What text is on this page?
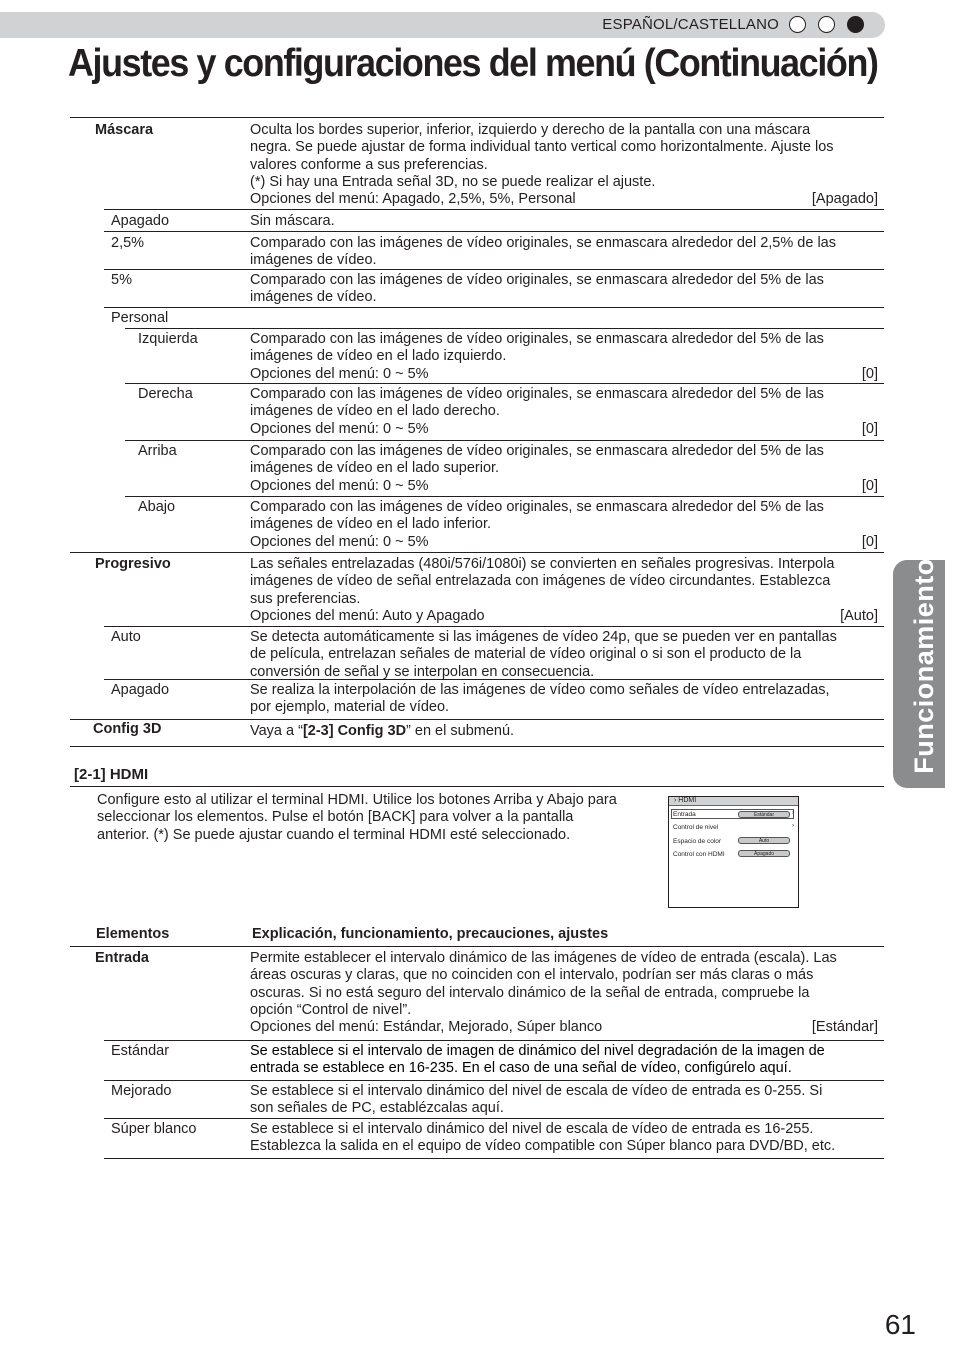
ESPAÑOL/CASTELLANO
Ajustes y configuraciones del menú (Continuación)
Máscara	Oculta los bordes superior, inferior, izquierdo y derecho de la pantalla con una máscara
negra. Se puede ajustar de forma individual tanto vertical como horizontalmente. Ajuste los
valores conforme a sus preferencias.
(*) Si hay una Entrada señal 3D, no se puede realizar el ajuste.
Opciones del menú: Apagado, 2,5%, 5%, Personal	[Apagado]
Apagado	Sin máscara.
2,5%	Comparado con las imágenes de vídeo originales, se enmascara alrededor del 2,5% de las
imágenes de vídeo.
5%	Comparado con las imágenes de vídeo originales, se enmascara alrededor del 5% de las
imágenes de vídeo.
Personal
Izquierda	Comparado con las imágenes de vídeo originales, se enmascara alrededor del 5% de las
imágenes de vídeo en el lado izquierdo.
Opciones del menú: 0 ~ 5%	[0]
Derecha	Comparado con las imágenes de vídeo originales, se enmascara alrededor del 5% de las
imágenes de vídeo en el lado derecho.
Opciones del menú: 0 ~ 5%	[0]
Arriba	Comparado con las imágenes de vídeo originales, se enmascara alrededor del 5% de las
imágenes de vídeo en el lado superior.
Opciones del menú: 0 ~ 5%	[0]
Abajo	Comparado con las imágenes de vídeo originales, se enmascara alrededor del 5% de las
imágenes de vídeo en el lado inferior.
Opciones del menú: 0 ~ 5%	[0]
Progresivo	Las señales entrelazadas (480i/576i/1080i) se convierten en señales progresivas. Interpola
imágenes de vídeo de señal entrelazada con imágenes de vídeo circundantes. Establezca
sus preferencias.
Opciones del menú: Auto y Apagado	[Auto]
Auto	Se detecta automáticamente si las imágenes de vídeo 24p, que se pueden ver en pantallas
de película, entrelazan señales de material de vídeo original o si son el producto de la
conversión de señal y se interpolan en consecuencia.
Apagado	Se realiza la interpolación de las imágenes de vídeo como señales de vídeo entrelazadas,
por ejemplo, material de vídeo.
Config 3D	Vaya a “[2-3] Config 3D” en el submenú.	Funcionamiento
[2-1] HDMI
Configure esto al utilizar el terminal HDMI. Utilice los botones Arriba y Abajo para seleccionar los elementos. Pulse el botón [BACK] para volver a la pantalla anterior. (*) Se puede ajustar cuando el terminal HDMI esté seleccionado.
› HDMI
Entrada	Estándar	›
Control de nivel	›
Espacio de color	Auto
Control con HDMI	Apagado
Elementos	Explicación, funcionamiento, precauciones, ajustes
Entrada	Permite establecer el intervalo dinámico de las imágenes de vídeo de entrada (escala). Las
áreas oscuras y claras, que no coinciden con el intervalo, podrían ser más claras o más
oscuras. Si no está seguro del intervalo dinámico de la señal de entrada, compruebe la
opción “Control de nivel”.
Opciones del menú: Estándar, Mejorado, Súper blanco	[Estándar]
Estándar	Se establece si el intervalo de imagen de dinámico del nivel degradación de la imagen de
entrada se establece en 16-235. En el caso de una señal de vídeo, configúrelo aquí.
Mejorado	Se establece si el intervalo dinámico del nivel de escala de vídeo de entrada es 0-255. Si
son señales de PC, establézcalas aquí.
Súper blanco	Se establece si el intervalo dinámico del nivel de escala de vídeo de entrada es 16-255.
Establezca la salida en el equipo de vídeo compatible con Súper blanco para DVD/BD, etc.
61
